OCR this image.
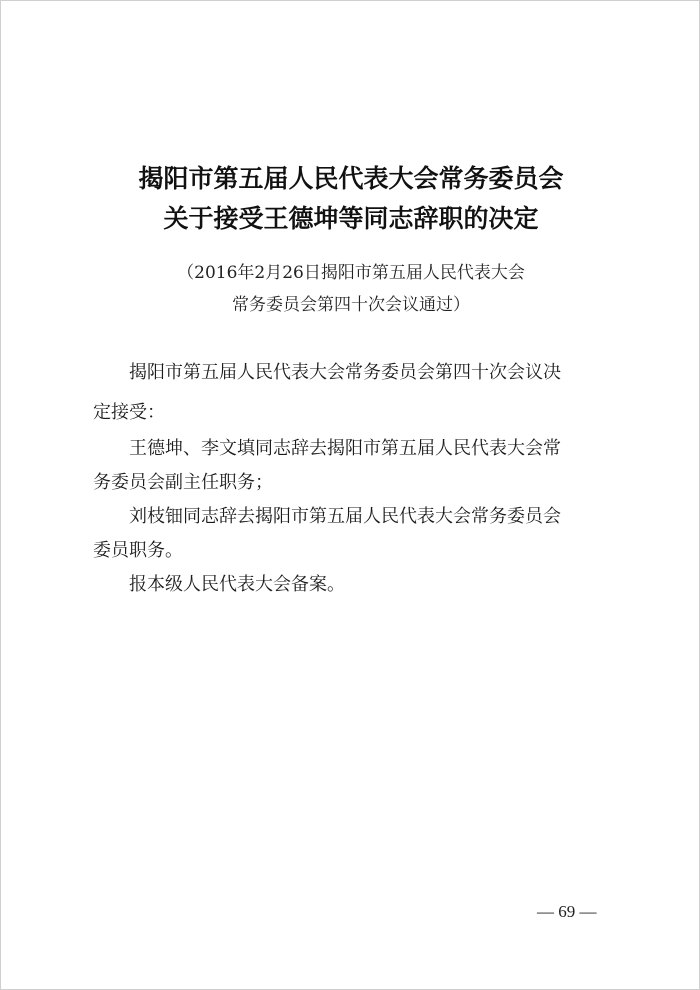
揭阳市第五届人民代表大会常务委员会
关于接受王德坤等同志辞职的决定
（2016年2月26日揭阳市第五届人民代表大会
常务委员会第四十次会议通过）
揭阳市第五届人民代表大会常务委员会第四十次会议决
定接受：
王德坤、李文填同志辞去揭阳市第五届人民代表大会常
务委员会副主任职务；
刘枝钿同志辞去揭阳市第五届人民代表大会常务委员会
委员职务。
报本级人民代表大会备案。
— 69 —
